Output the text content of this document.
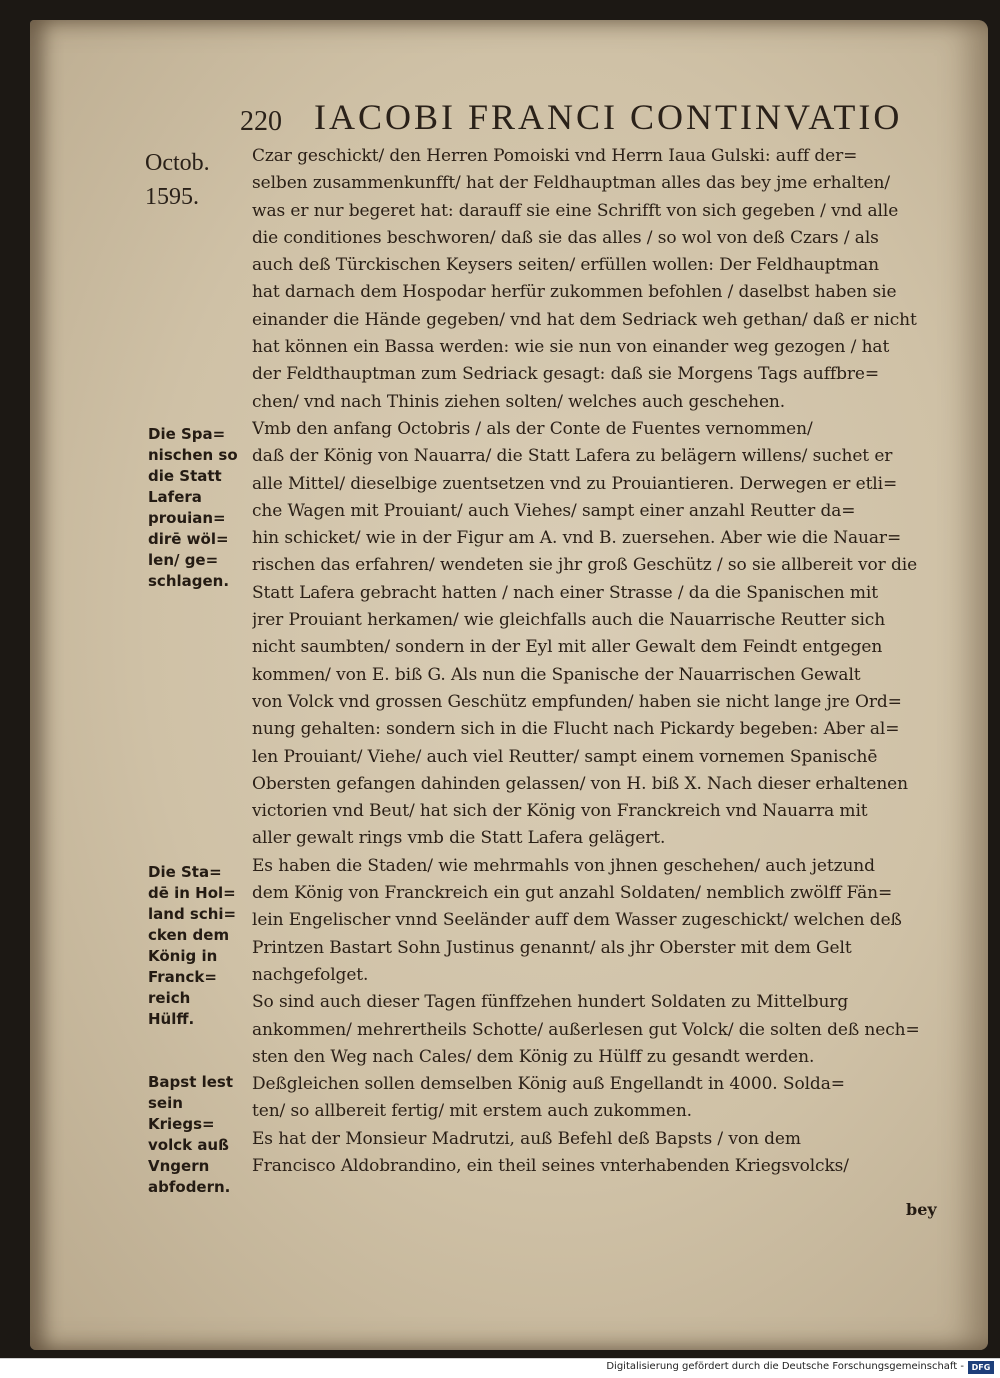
220 IACOBI FRANCI CONTINVATIO
Octob.
1595.
Die Spa=
nischen so
die Statt
Lafera
prouian=
dirē wöl=
len/ ge=
schlagen.
Die Sta=
dē in Hol=
land schi=
cken dem
König in
Franck=
reich
Hülff.
Bapst lest
sein
Kriegs=
volck auß
Vngern
abfodern.
Czar geschickt/ den Herren Pomoiski vnd Herrn Iaua Gulski: auff der=
selben zusammenkunfft/ hat der Feldhauptman alles das bey jme erhalten/
was er nur begeret hat: darauff sie eine Schrifft von sich gegeben / vnd alle
die conditiones beschworen/ daß sie das alles / so wol von deß Czars / als
auch deß Türckischen Keysers seiten/ erfüllen wollen: Der Feldhauptman
hat darnach dem Hospodar herfür zukommen befohlen / daselbst haben sie
einander die Hände gegeben/ vnd hat dem Sedriack weh gethan/ daß er nicht
hat können ein Bassa werden: wie sie nun von einander weg gezogen / hat
der Feldthauptman zum Sedriack gesagt: daß sie Morgens Tags auffbre=
chen/ vnd nach Thinis ziehen solten/ welches auch geschehen.
Vmb den anfang Octobris / als der Conte de Fuentes vernommen/
daß der König von Nauarra/ die Statt Lafera zu belägern willens/ suchet er
alle Mittel/ dieselbige zuentsetzen vnd zu Prouiantieren. Derwegen er etli=
che Wagen mit Prouiant/ auch Viehes/ sampt einer anzahl Reutter da=
hin schicket/ wie in der Figur am A. vnd B. zuersehen. Aber wie die Nauar=
rischen das erfahren/ wendeten sie jhr groß Geschütz / so sie allbereit vor die
Statt Lafera gebracht hatten / nach einer Strasse / da die Spanischen mit
jrer Prouiant herkamen/ wie gleichfalls auch die Nauarrische Reutter sich
nicht saumbten/ sondern in der Eyl mit aller Gewalt dem Feindt entgegen
kommen/ von E. biß G. Als nun die Spanische der Nauarrischen Gewalt
von Volck vnd grossen Geschütz empfunden/ haben sie nicht lange jre Ord=
nung gehalten: sondern sich in die Flucht nach Pickardy begeben: Aber al=
len Prouiant/ Viehe/ auch viel Reutter/ sampt einem vornemen Spanischē
Obersten gefangen dahinden gelassen/ von H. biß X. Nach dieser erhaltenen
victorien vnd Beut/ hat sich der König von Franckreich vnd Nauarra mit
aller gewalt rings vmb die Statt Lafera gelägert.
Es haben die Staden/ wie mehrmahls von jhnen geschehen/ auch jetzund
dem König von Franckreich ein gut anzahl Soldaten/ nemblich zwölff Fän=
lein Engelischer vnnd Seeländer auff dem Wasser zugeschickt/ welchen deß
Printzen Bastart Sohn Justinus genannt/ als jhr Oberster mit dem Gelt
nachgefolget.
So sind auch dieser Tagen fünffzehen hundert Soldaten zu Mittelburg
ankommen/ mehrertheils Schotte/ außerlesen gut Volck/ die solten deß nech=
sten den Weg nach Cales/ dem König zu Hülff zu gesandt werden.
Deßgleichen sollen demselben König auß Engellandt in 4000. Solda=
ten/ so allbereit fertig/ mit erstem auch zukommen.
Es hat der Monsieur Madrutzi, auß Befehl deß Bapsts / von dem
Francisco Aldobrandino, ein theil seines vnterhabenden Kriegsvolcks/
bey
Digitalisierung gefördert durch die Deutsche Forschungsgemeinschaft - DFG
